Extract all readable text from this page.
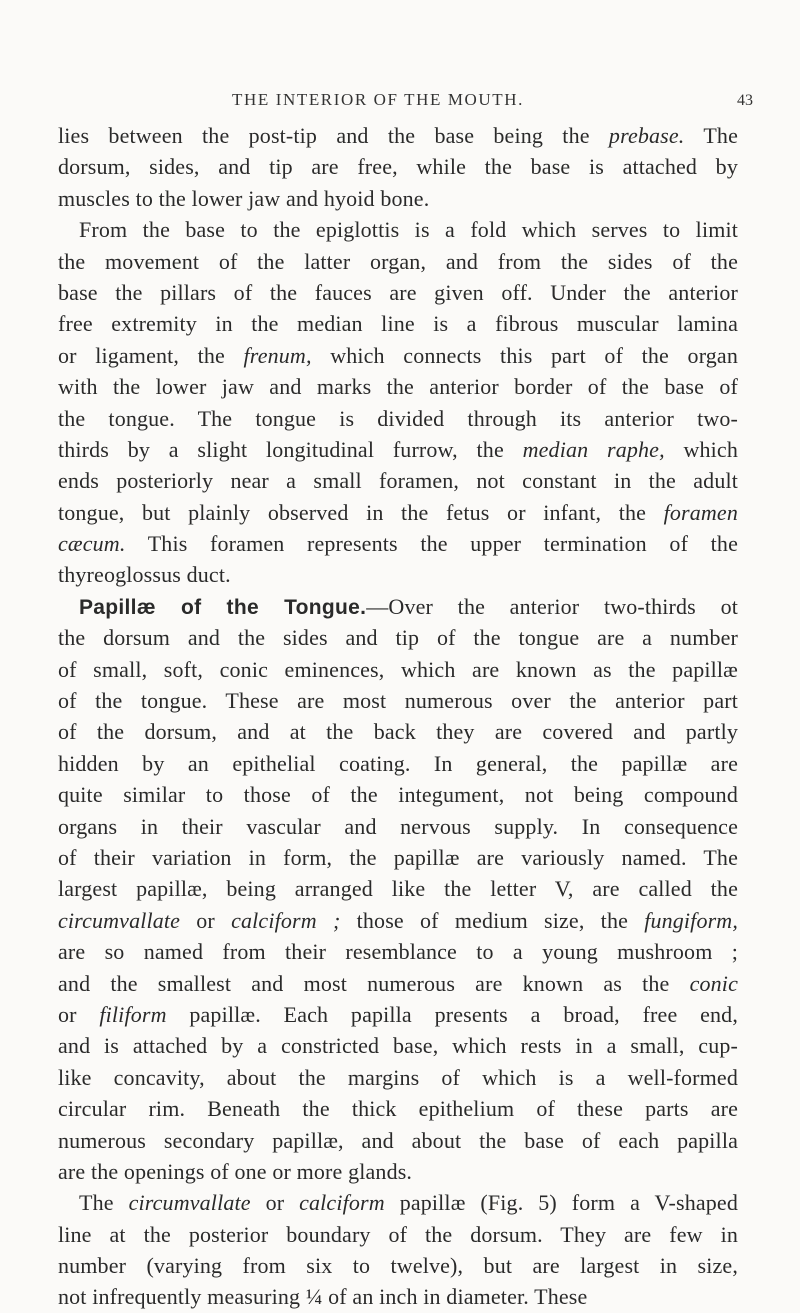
THE INTERIOR OF THE MOUTH.	43
lies between the post-tip and the base being the prebase. The
dorsum, sides, and tip are free, while the base is attached by
muscles to the lower jaw and hyoid bone.
From the base to the epiglottis is a fold which serves to limit
the movement of the latter organ, and from the sides of the
base the pillars of the fauces are given off. Under the anterior
free extremity in the median line is a fibrous muscular lamina
or ligament, the frenum, which connects this part of the organ
with the lower jaw and marks the anterior border of the base of
the tongue. The tongue is divided through its anterior two-
thirds by a slight longitudinal furrow, the median raphe, which
ends posteriorly near a small foramen, not constant in the adult
tongue, but plainly observed in the fetus or infant, the foramen
cæcum. This foramen represents the upper termination of the
thyreoglossus duct.
Papillæ of the Tongue.—Over the anterior two-thirds ot
the dorsum and the sides and tip of the tongue are a number
of small, soft, conic eminences, which are known as the papillæ
of the tongue. These are most numerous over the anterior part
of the dorsum, and at the back they are covered and partly
hidden by an epithelial coating. In general, the papillæ are
quite similar to those of the integument, not being compound
organs in their vascular and nervous supply. In consequence
of their variation in form, the papillæ are variously named. The
largest papillæ, being arranged like the letter V, are called the
circumvallate or calciform ; those of medium size, the fungiform,
are so named from their resemblance to a young mushroom ;
and the smallest and most numerous are known as the conic
or filiform papillæ. Each papilla presents a broad, free end,
and is attached by a constricted base, which rests in a small, cup-
like concavity, about the margins of which is a well-formed
circular rim. Beneath the thick epithelium of these parts are
numerous secondary papillæ, and about the base of each papilla
are the openings of one or more glands.
The circumvallate or calciform papillæ (Fig. 5) form a V-shaped
line at the posterior boundary of the dorsum. They are few in
number (varying from six to twelve), but are largest in size,
not infrequently measuring ¼ of an inch in diameter. These
